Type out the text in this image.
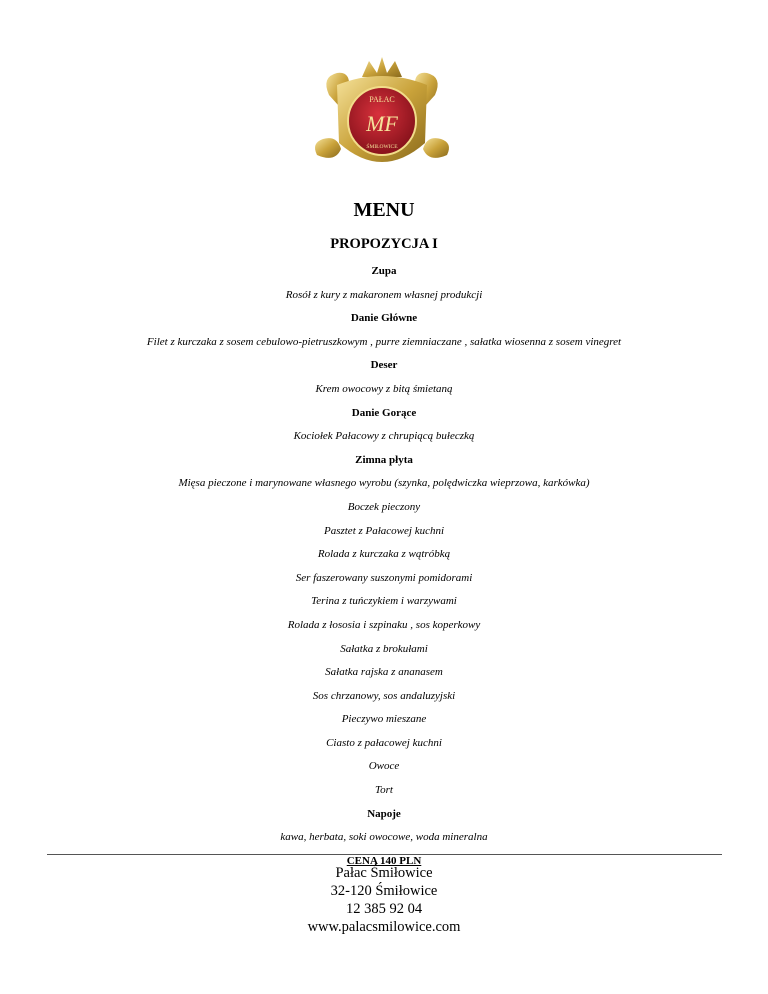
PAŁAC
MF
ŚMIŁOWICE
MENU
PROPOZYCJA I
Zupa
Rosół z kury z makaronem własnej produkcji
Danie Główne
Filet z kurczaka z sosem cebulowo-pietruszkowym , purre ziemniaczane , sałatka wiosenna z sosem vinegret
Deser
Krem owocowy z bitą śmietaną
Danie Gorące
Kociołek Pałacowy z chrupiącą bułeczką
Zimna płyta
Mięsa pieczone i marynowane własnego wyrobu (szynka, polędwiczka wieprzowa, karkówka)
Boczek pieczony
Pasztet z Pałacowej kuchni
Rolada z kurczaka z wątróbką
Ser faszerowany suszonymi pomidorami
Terina z tuńczykiem i warzywami
Rolada z łososia i szpinaku , sos koperkowy
Sałatka z brokułami
Sałatka rajska z ananasem
Sos chrzanowy, sos andaluzyjski
Pieczywo mieszane
Ciasto z pałacowej kuchni
Owoce
Tort
Napoje
kawa, herbata, soki owocowe, woda mineralna
CENA 140 PLN
Pałac Śmiłowice
32-120 Śmiłowice
12 385 92 04
www.palacsmilowice.com
